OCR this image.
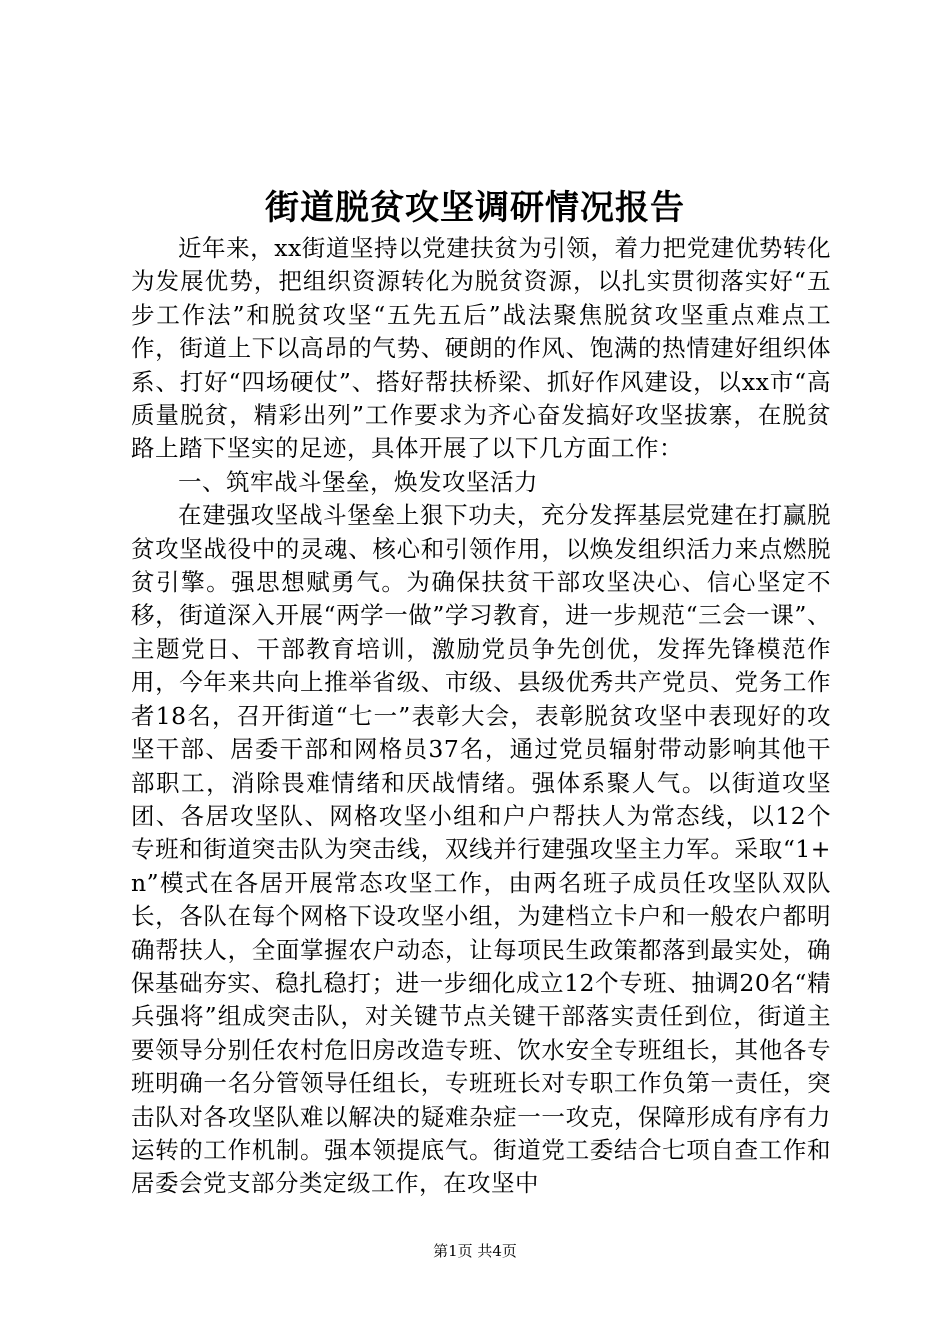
街道脱贫攻坚调研情况报告

近年来，xx街道坚持以党建扶贫为引领，着力把党建优势转化为发展优势，把组织资源转化为脱贫资源，以扎实贯彻落实好“五步工作法”和脱贫攻坚“五先五后”战法聚焦脱贫攻坚重点难点工作，街道上下以高昂的气势、硬朗的作风、饱满的热情建好组织体系、打好“四场硬仗”、搭好帮扶桥梁、抓好作风建设，以xx市“高质量脱贫，精彩出列”工作要求为齐心奋发搞好攻坚拔寨，在脱贫路上踏下坚实的足迹，具体开展了以下几方面工作：

一、筑牢战斗堡垒，焕发攻坚活力

在建强攻坚战斗堡垒上狠下功夫，充分发挥基层党建在打赢脱贫攻坚战役中的灵魂、核心和引领作用，以焕发组织活力来点燃脱贫引擎。强思想赋勇气。为确保扶贫干部攻坚决心、信心坚定不移，街道深入开展“两学一做”学习教育，进一步规范“三会一课”、主题党日、干部教育培训，激励党员争先创优，发挥先锋模范作用，今年来共向上推举省级、市级、县级优秀共产党员、党务工作者18名，召开街道“七一”表彰大会，表彰脱贫攻坚中表现好的攻坚干部、居委干部和网格员37名，通过党员辐射带动影响其他干部职工，消除畏难情绪和厌战情绪。强体系聚人气。以街道攻坚团、各居攻坚队、网格攻坚小组和户户帮扶人为常态线，以12个专班和街道突击队为突击线，双线并行建强攻坚主力军。采取“1+n”模式在各居开展常态攻坚工作，由两名班子成员任攻坚队双队长，各队在每个网格下设攻坚小组，为建档立卡户和一般农户都明确帮扶人，全面掌握农户动态，让每项民生政策都落到最实处，确保基础夯实、稳扎稳打；进一步细化成立12个专班、抽调20名“精兵强将”组成突击队，对关键节点关键干部落实责任到位，街道主要领导分别任农村危旧房改造专班、饮水安全专班组长，其他各专班明确一名分管领导任组长，专班班长对专职工作负第一责任，突击队对各攻坚队难以解决的疑难杂症一一攻克，保障形成有序有力运转的工作机制。强本领提底气。街道党工委结合七项自查工作和居委会党支部分类定级工作，在攻坚中

第1页 共4页
